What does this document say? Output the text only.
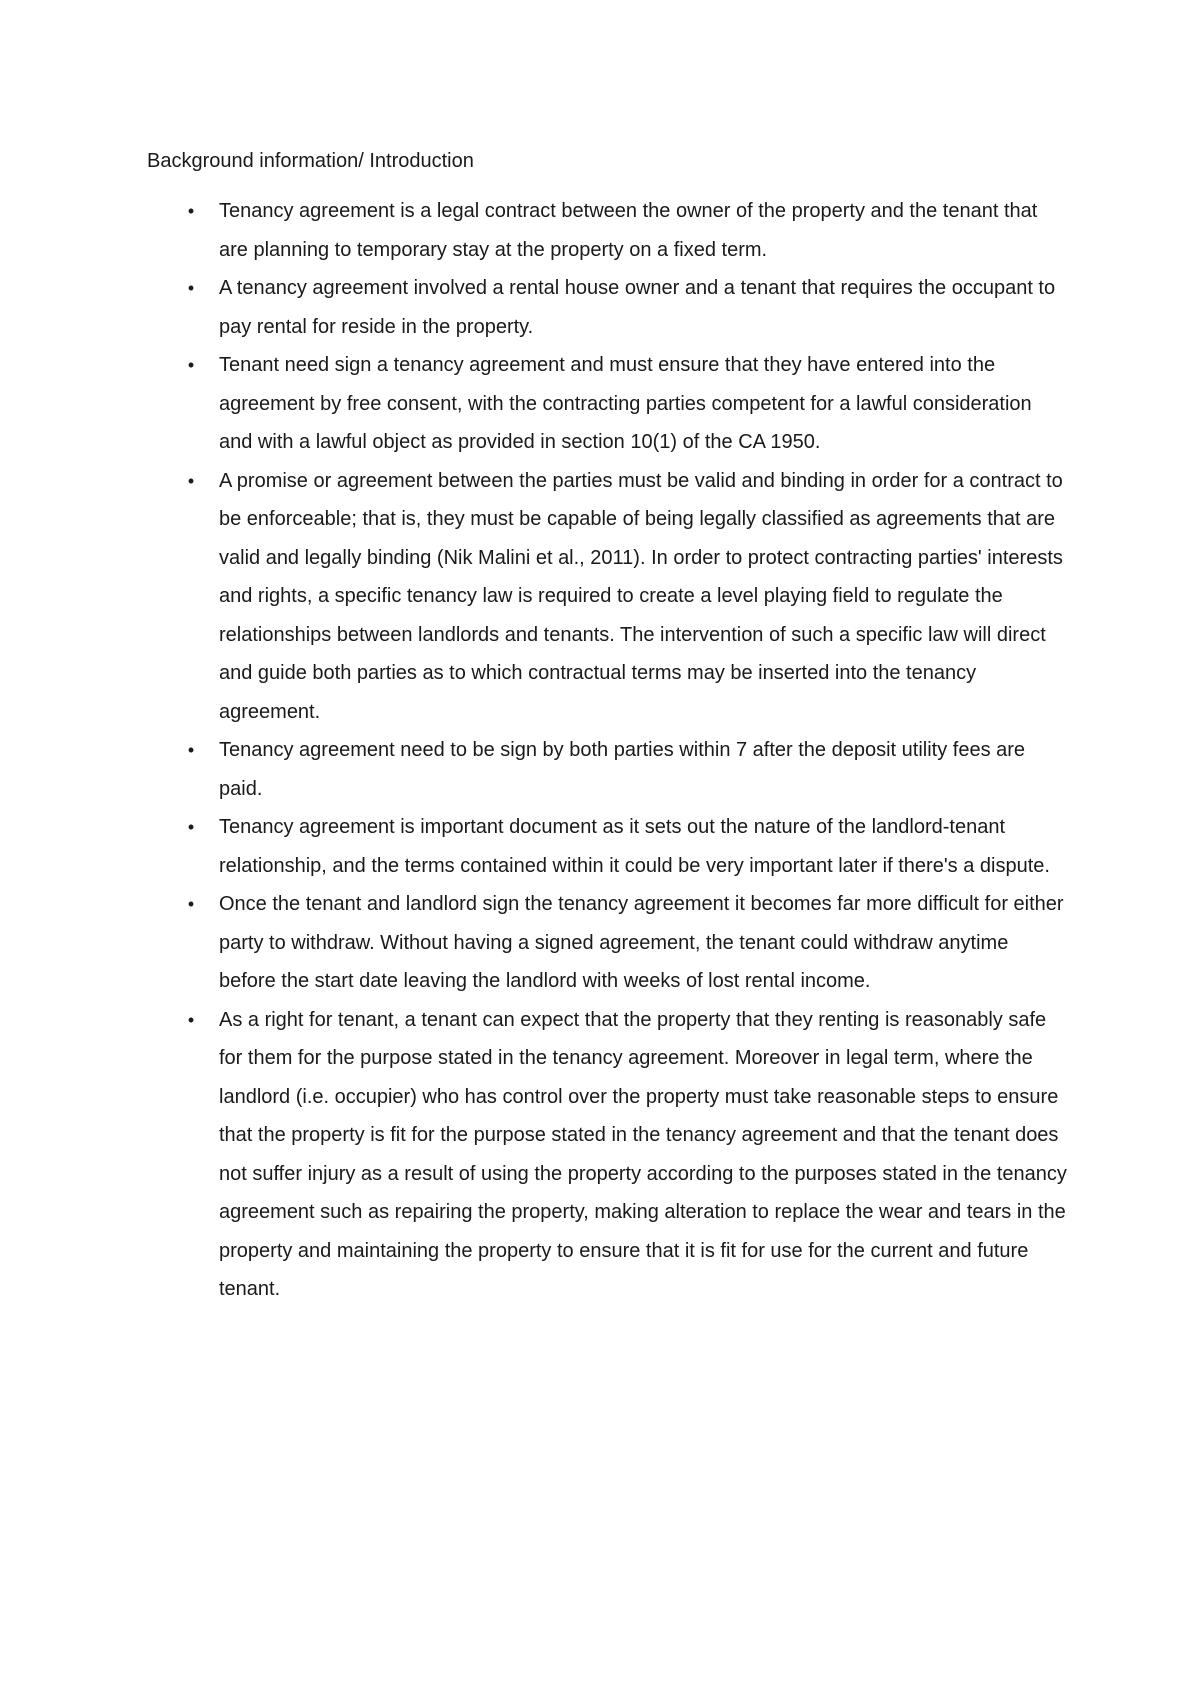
Background information/ Introduction
• Tenancy agreement is a legal contract between the owner of the property and the tenant that are planning to temporary stay at the property on a fixed term.
• A tenancy agreement involved a rental house owner and a tenant that requires the occupant to pay rental for reside in the property.
• Tenant need sign a tenancy agreement and must ensure that they have entered into the agreement by free consent, with the contracting parties competent for a lawful consideration and with a lawful object as provided in section 10(1) of the CA 1950.
• A promise or agreement between the parties must be valid and binding in order for a contract to be enforceable; that is, they must be capable of being legally classified as agreements that are valid and legally binding (Nik Malini et al., 2011). In order to protect contracting parties' interests and rights, a specific tenancy law is required to create a level playing field to regulate the relationships between landlords and tenants. The intervention of such a specific law will direct and guide both parties as to which contractual terms may be inserted into the tenancy agreement.
• Tenancy agreement need to be sign by both parties within 7 after the deposit utility fees are paid.
• Tenancy agreement is important document as it sets out the nature of the landlord-tenant relationship, and the terms contained within it could be very important later if there's a dispute.
• Once the tenant and landlord sign the tenancy agreement it becomes far more difficult for either party to withdraw. Without having a signed agreement, the tenant could withdraw anytime before the start date leaving the landlord with weeks of lost rental income.
• As a right for tenant, a tenant can expect that the property that they renting is reasonably safe for them for the purpose stated in the tenancy agreement. Moreover in legal term, where the landlord (i.e. occupier) who has control over the property must take reasonable steps to ensure that the property is fit for the purpose stated in the tenancy agreement and that the tenant does not suffer injury as a result of using the property according to the purposes stated in the tenancy agreement such as repairing the property, making alteration to replace the wear and tears in the property and maintaining the property to ensure that it is fit for use for the current and future tenant.
